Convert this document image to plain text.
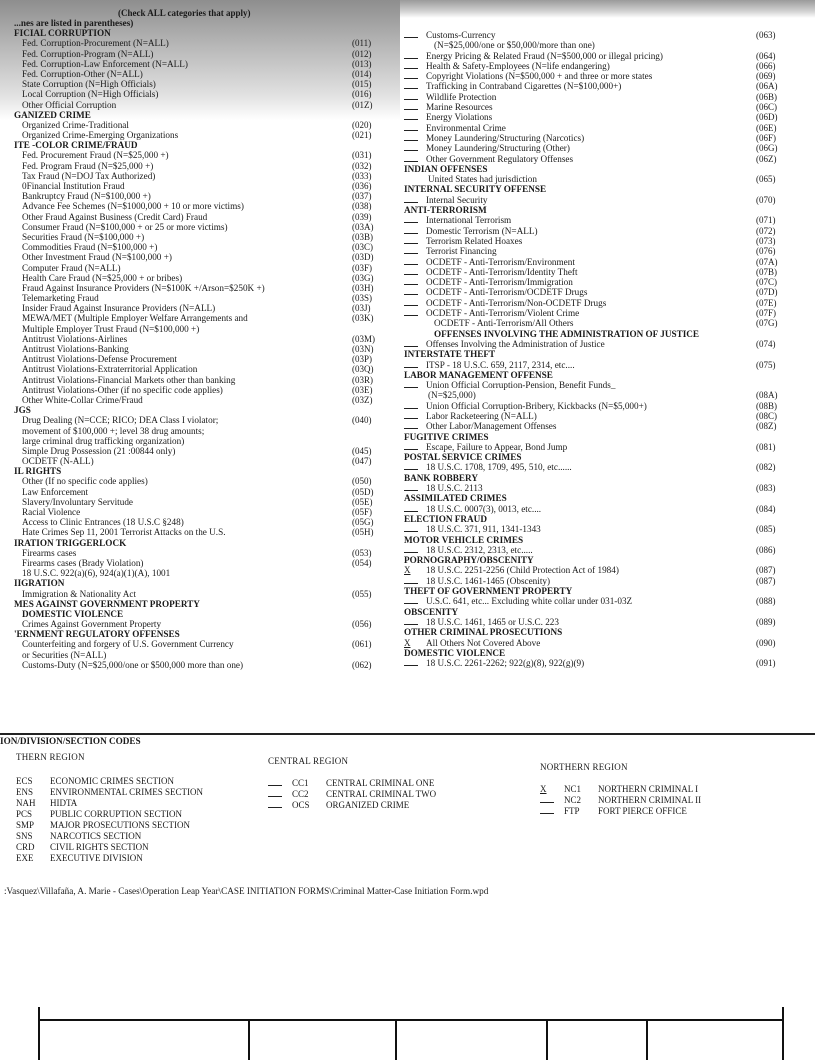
(Check ALL categories that apply)
...nes are listed in parentheses)
FICIAL CORRUPTION
Fed. Corruption-Procurement (N=ALL)	(011)
Fed. Corruption-Program (N=ALL)	(012)
Fed. Corruption-Law Enforcement (N=ALL)	(013)
Fed. Corruption-Other (N=ALL)	(014)
State Corruption (N=High Officials)	(015)
Local Corruption (N=High Officials)	(016)
Other Official Corruption	(01Z)
GANIZED CRIME
Organized Crime-Traditional	(020)
Organized Crime-Emerging Organizations	(021)
ITE -COLOR CRIME/FRAUD
Fed. Procurement Fraud (N=$25,000 +)	(031)
Fed. Program Fraud (N=$25,000 +)	(032)
Tax Fraud (N=DOJ Tax Authorized)	(033)
0Financial Institution Fraud	(036)
Bankruptcy Fraud (N=$100,000 +)	(037)
Advance Fee Schemes (N=$1000,000 + 10 or more victims)	(038)
Other Fraud Against Business (Credit Card) Fraud	(039)
Consumer Fraud (N=$100,000 + or 25 or more victims)	(03A)
Securities Fraud (N=$100,000 +)	(03B)
Commodities Fraud (N=$100,000 +)	(03C)
Other Investment Fraud (N=$100,000 +)	(03D)
Computer Fraud (N=ALL)	(03F)
Health Care Fraud (N=$25,000 + or bribes)	(03G)
Fraud Against Insurance Providers (N=$100K +/Arson=$250K +)	(03H)
Telemarketing Fraud	(03S)
Insider Fraud Against Insurance Providers (N=ALL)	(03J)
MEWA/MET (Multiple Employer Welfare Arrangements and	(03K)
Multiple Employer Trust Fraud (N=$100,000 +)
Antitrust Violations-Airlines	(03M)
Antitrust Violations-Banking	(03N)
Antitrust Violations-Defense Procurement	(03P)
Antitrust Violations-Extraterritorial Application	(03Q)
Antitrust Violations-Financial Markets other than banking	(03R)
Antitrust Violations-Other (if no specific code applies)	(03E)
Other White-Collar Crime/Fraud	(03Z)
JGS
Drug Dealing (N=CCE; RICO; DEA Class I violator;	(040)
movement of $100,000 +; level 38 drug amounts;
large criminal drug trafficking organization)
Simple Drug Possession (21 :00844 only)	(045)
OCDETF (N-ALL)	(047)
IL RIGHTS
Other (If no specific code applies)	(050)
Law Enforcement	(05D)
Slavery/Involuntary Servitude	(05E)
Racial Violence	(05F)
Access to Clinic Entrances (18 U.S.C §248)	(05G)
Hate Crimes Sep 11, 2001 Terrorist Attacks on the U.S.	(05H)
IRATION TRIGGERLOCK
Firearms cases	(053)
Firearms cases (Brady Violation)	(054)
18 U.S.C. 922(a)(6), 924(a)(1)(A), 1001
IIGRATION
Immigration & Nationality Act	(055)
MES AGAINST GOVERNMENT PROPERTY
DOMESTIC VIOLENCE
Crimes Against Government Property	(056)
'ERNMENT REGULATORY OFFENSES
Counterfeiting and forgery of U.S. Government Currency	(061)
or Securities (N=ALL)
Customs-Duty (N=$25,000/one or $500,000 more than one)	(062)
Customs-Currency	(063)
(N=$25,000/one or $50,000/more than one)
Energy Pricing & Related Fraud (N=$500,000 or illegal pricing)	(064)
Health & Safety-Employees (N=life endangering)	(066)
Copyright Violations (N=$500,000 + and three or more states	(069)
Trafficking in Contraband Cigarettes (N=$100,000+)	(06A)
Wildlife Protection	(06B)
Marine Resources	(06C)
Energy Violations	(06D)
Environmental Crime	(06E)
Money Laundering/Structuring (Narcotics)	(06F)
Money Laundering/Structuring (Other)	(06G)
Other Government Regulatory Offenses	(06Z)
INDIAN OFFENSES
United States had jurisdiction	(065)
INTERNAL SECURITY OFFENSE
Internal Security	(070)
ANTI-TERRORISM
International Terrorism	(071)
Domestic Terrorism (N=ALL)	(072)
Terrorism Related Hoaxes	(073)
Terrorist Financing	(076)
OCDETF - Anti-Terrorism/Environment	(07A)
OCDETF - Anti-Terrorism/Identity Theft	(07B)
OCDETF - Anti-Terrorism/Immigration	(07C)
OCDETF - Anti-Terrorism/OCDETF Drugs	(07D)
OCDETF - Anti-Terrorism/Non-OCDETF Drugs	(07E)
OCDETF - Anti-Terrorism/Violent Crime	(07F)
OCDETF - Anti-Terrorism/All Others	(07G)
OFFENSES INVOLVING THE ADMINISTRATION OF JUSTICE
Offenses Involving the Administration of Justice	(074)
INTERSTATE THEFT
ITSP - 18 U.S.C. 659, 2117, 2314, etc....	(075)
LABOR MANAGEMENT OFFENSE
Union Official Corruption-Pension, Benefit Funds_
(N=$25,000)	(08A)
Union Official Corruption-Bribery, Kickbacks (N=$5,000+)	(08B)
Labor Racketeering (N=ALL)	(08C)
Other Labor/Management Offenses	(08Z)
FUGITIVE CRIMES
Escape, Failure to Appear, Bond Jump	(081)
POSTAL SERVICE CRIMES
18 U.S.C. 1708, 1709, 495, 510, etc......	(082)
BANK ROBBERY
18 U.S.C. 2113	(083)
ASSIMILATED CRIMES
18 U.S.C. 0007(3), 0013, etc....	(084)
ELECTION FRAUD
18 U.S.C. 371, 911, 1341-1343	(085)
MOTOR VEHICLE CRIMES
18 U.S.C. 2312, 2313, etc.....	(086)
PORNOGRAPHY/OBSCENITY
X 18 U.S.C. 2251-2256 (Child Protection Act of 1984)	(087)
18 U.S.C. 1461-1465 (Obscenity)	(087)
THEFT OF GOVERNMENT PROPERTY
U.S.C. 641, etc... Excluding white collar under 031-03Z	(088)
OBSCENITY
18 U.S.C. 1461, 1465 or U.S.C. 223	(089)
OTHER CRIMINAL PROSECUTIONS
X All Others Not Covered Above	(090)
DOMESTIC VIOLENCE
18 U.S.C. 2261-2262; 922(g)(8), 922(g)(9)	(091)
ION/DIVISION/SECTION CODES
THERN REGION
ECS ECONOMIC CRIMES SECTION
ENS ENVIRONMENTAL CRIMES SECTION
NAH HIDTA
PCS PUBLIC CORRUPTION SECTION
SMP MAJOR PROSECUTIONS SECTION
SNS NARCOTICS SECTION
CRD CIVIL RIGHTS SECTION
EXE EXECUTIVE DIVISION
CENTRAL REGION
CC1 CENTRAL CRIMINAL ONE
CC2 CENTRAL CRIMINAL TWO
OCS ORGANIZED CRIME
NORTHERN REGION
X NC1 NORTHERN CRIMINAL I
NC2 NORTHERN CRIMINAL II
FTP FORT PIERCE OFFICE
:Vasquez\Villafaña, A. Marie - Cases\Operation Leap Year\CASE INITIATION FORMS\Criminal Matter-Case Initiation Form.wpd
